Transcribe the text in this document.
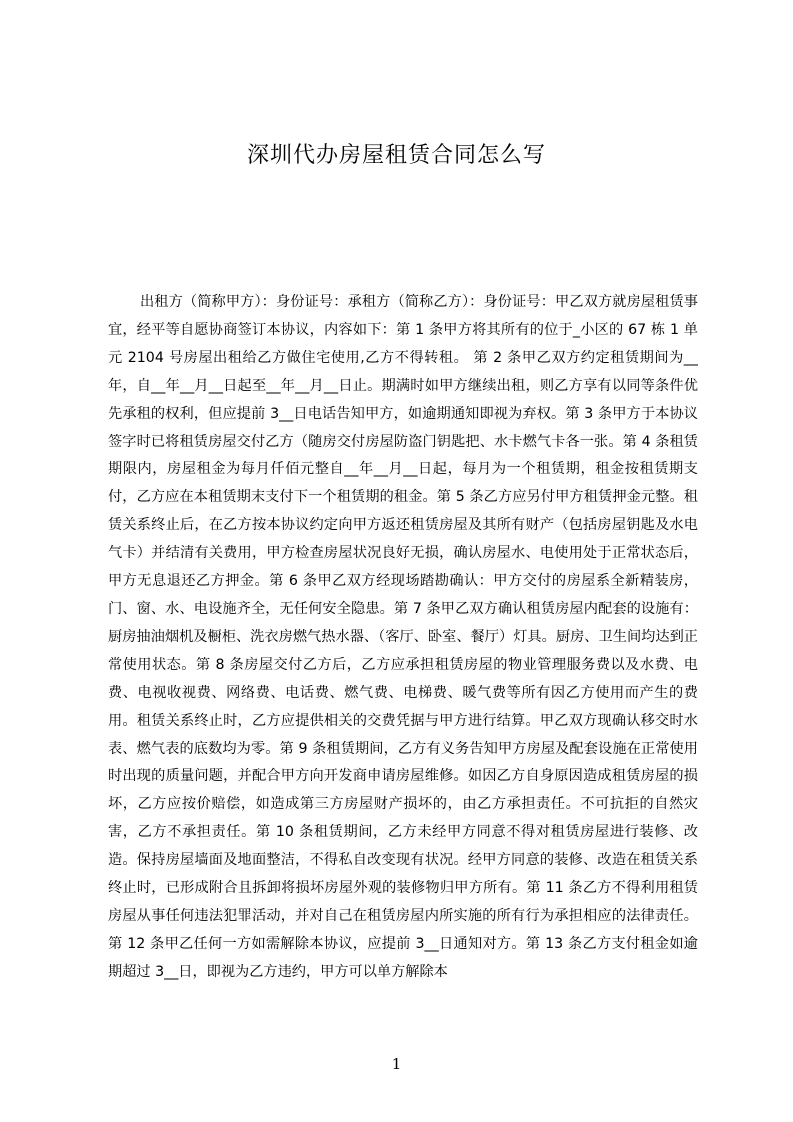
深圳代办房屋租赁合同怎么写

出租方（简称甲方）：身份证号：承租方（简称乙方）：身份证号：甲乙双方就房屋租赁事宜，经平等自愿协商签订本协议，内容如下：第 1 条甲方将其所有的位于_小区的 67 栋 1 单元 2104 号房屋出租给乙方做住宅使用,乙方不得转租。 第 2 条甲乙双方约定租赁期间为__年，自__年__月__日起至__年__月__日止。期满时如甲方继续出租，则乙方享有以同等条件优先承租的权利，但应提前 3__日电话告知甲方，如逾期通知即视为弃权。第 3 条甲方于本协议签字时已将租赁房屋交付乙方（随房交付房屋防盗门钥匙把、水卡燃气卡各一张。第 4 条租赁期限内，房屋租金为每月仟佰元整自__年__月__日起，每月为一个租赁期，租金按租赁期支付，乙方应在本租赁期末支付下一个租赁期的租金。第 5 条乙方应另付甲方租赁押金元整。租赁关系终止后，在乙方按本协议约定向甲方返还租赁房屋及其所有财产（包括房屋钥匙及水电气卡）并结清有关费用，甲方检查房屋状况良好无损，确认房屋水、电使用处于正常状态后，甲方无息退还乙方押金。第 6 条甲乙双方经现场踏勘确认：甲方交付的房屋系全新精装房，门、窗、水、电设施齐全，无任何安全隐患。第 7 条甲乙双方确认租赁房屋内配套的设施有：厨房抽油烟机及橱柜、洗衣房燃气热水器、（客厅、卧室、餐厅）灯具。厨房、卫生间均达到正常使用状态。第 8 条房屋交付乙方后，乙方应承担租赁房屋的物业管理服务费以及水费、电费、电视收视费、网络费、电话费、燃气费、电梯费、暖气费等所有因乙方使用而产生的费用。租赁关系终止时，乙方应提供相关的交费凭据与甲方进行结算。甲乙双方现确认移交时水表、燃气表的底数均为零。第 9 条租赁期间，乙方有义务告知甲方房屋及配套设施在正常使用时出现的质量问题，并配合甲方向开发商申请房屋维修。如因乙方自身原因造成租赁房屋的损坏，乙方应按价赔偿，如造成第三方房屋财产损坏的，由乙方承担责任。不可抗拒的自然灾害，乙方不承担责任。第 10 条租赁期间，乙方未经甲方同意不得对租赁房屋进行装修、改造。保持房屋墙面及地面整洁，不得私自改变现有状况。经甲方同意的装修、改造在租赁关系终止时，已形成附合且拆卸将损坏房屋外观的装修物归甲方所有。第 11 条乙方不得利用租赁房屋从事任何违法犯罪活动，并对自己在租赁房屋内所实施的所有行为承担相应的法律责任。第 12 条甲乙任何一方如需解除本协议，应提前 3__日通知对方。第 13 条乙方支付租金如逾期超过 3__日，即视为乙方违约，甲方可以单方解除本

1
